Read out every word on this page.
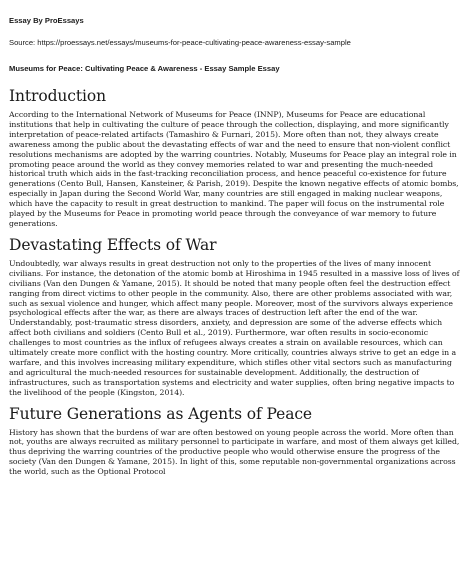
Essay By ProEssays
Source: https://proessays.net/essays/museums-for-peace-cultivating-peace-awareness-essay-sample
Museums for Peace: Cultivating Peace & Awareness - Essay Sample Essay
Introduction

According to the International Network of Museums for Peace (INNP), Museums for Peace are educational institutions that help in cultivating the culture of peace through the collection, displaying, and more significantly interpretation of peace-related artifacts (Tamashiro & Furnari, 2015). More often than not, they always create awareness among the public about the devastating effects of war and the need to ensure that non-violent conflict resolutions mechanisms are adopted by the warring countries. Notably, Museums for Peace play an integral role in promoting peace around the world as they convey memories related to war and presenting the much-needed historical truth which aids in the fast-tracking reconciliation process, and hence peaceful co-existence for future generations (Cento Bull, Hansen, Kansteiner, & Parish, 2019). Despite the known negative effects of atomic bombs, especially in Japan during the Second World War, many countries are still engaged in making nuclear weapons, which have the capacity to result in great destruction to mankind. The paper will focus on the instrumental role played by the Museums for Peace in promoting world peace through the conveyance of war memory to future generations.

Devastating Effects of War

Undoubtedly, war always results in great destruction not only to the properties of the lives of many innocent civilians. For instance, the detonation of the atomic bomb at Hiroshima in 1945 resulted in a massive loss of lives of civilians (Van den Dungen & Yamane, 2015). It should be noted that many people often feel the destruction effect ranging from direct victims to other people in the community. Also, there are other problems associated with war, such as sexual violence and hunger, which affect many people. Moreover, most of the survivors always experience psychological effects after the war, as there are always traces of destruction left after the end of the war. Understandably, post-traumatic stress disorders, anxiety, and depression are some of the adverse effects which affect both civilians and soldiers (Cento Bull et al., 2019). Furthermore, war often results in socio-economic challenges to most countries as the influx of refugees always creates a strain on available resources, which can ultimately create more conflict with the hosting country. More critically, countries always strive to get an edge in a warfare, and this involves increasing military expenditure, which stifles other vital sectors such as manufacturing and agricultural the much-needed resources for sustainable development. Additionally, the destruction of infrastructures, such as transportation systems and electricity and water supplies, often bring negative impacts to the livelihood of the people (Kingston, 2014).

Future Generations as Agents of Peace

History has shown that the burdens of war are often bestowed on young people across the world. More often than not, youths are always recruited as military personnel to participate in warfare, and most of them always get killed, thus depriving the warring countries of the productive people who would otherwise ensure the progress of the society (Van den Dungen & Yamane, 2015). In light of this, some reputable non-governmental organizations across the world, such as the Optional Protocol
